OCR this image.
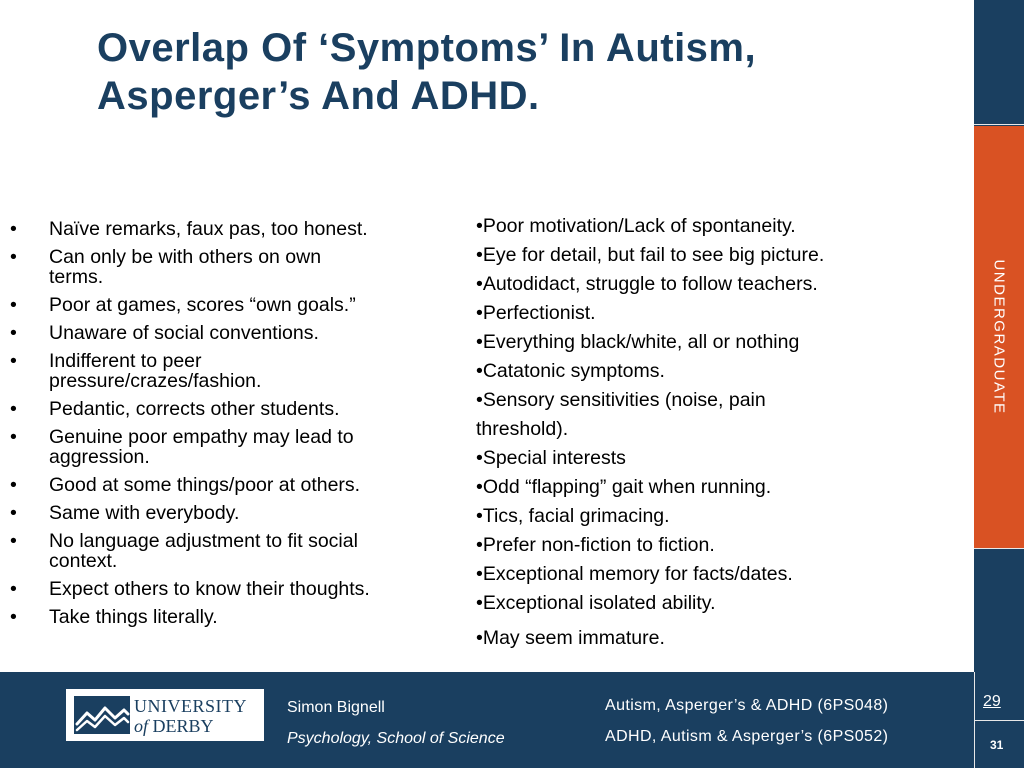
Overlap Of ‘Symptoms’ In Autism,
Asperger’s And ADHD.
• Naïve remarks, faux pas, too honest.
• Can only be with others on own
terms.
• Poor at games, scores “own goals.”
• Unaware of social conventions.
• Indifferent to peer
pressure/crazes/fashion.
• Pedantic, corrects other students.
• Genuine poor empathy may lead to
aggression.
• Good at some things/poor at others.
• Same with everybody.
• No language adjustment to fit social
context.
• Expect others to know their thoughts.
• Take things literally.
•Poor motivation/Lack of spontaneity.
•Eye for detail, but fail to see big picture.
•Autodidact, struggle to follow teachers.
•Perfectionist.
•Everything black/white, all or nothing
•Catatonic symptoms.
•Sensory sensitivities (noise, pain
threshold).
•Special interests
•Odd “flapping” gait when running.
•Tics, facial grimacing.
•Prefer non-fiction to fiction.
•Exceptional memory for facts/dates.
•Exceptional isolated ability.
•May seem immature.
UNDERGRADUATE
UNIVERSITY
of DERBY
Simon Bignell
Psychology, School of Science
Autism, Asperger’s & ADHD (6PS048)
ADHD, Autism & Asperger’s (6PS052)
29
31
